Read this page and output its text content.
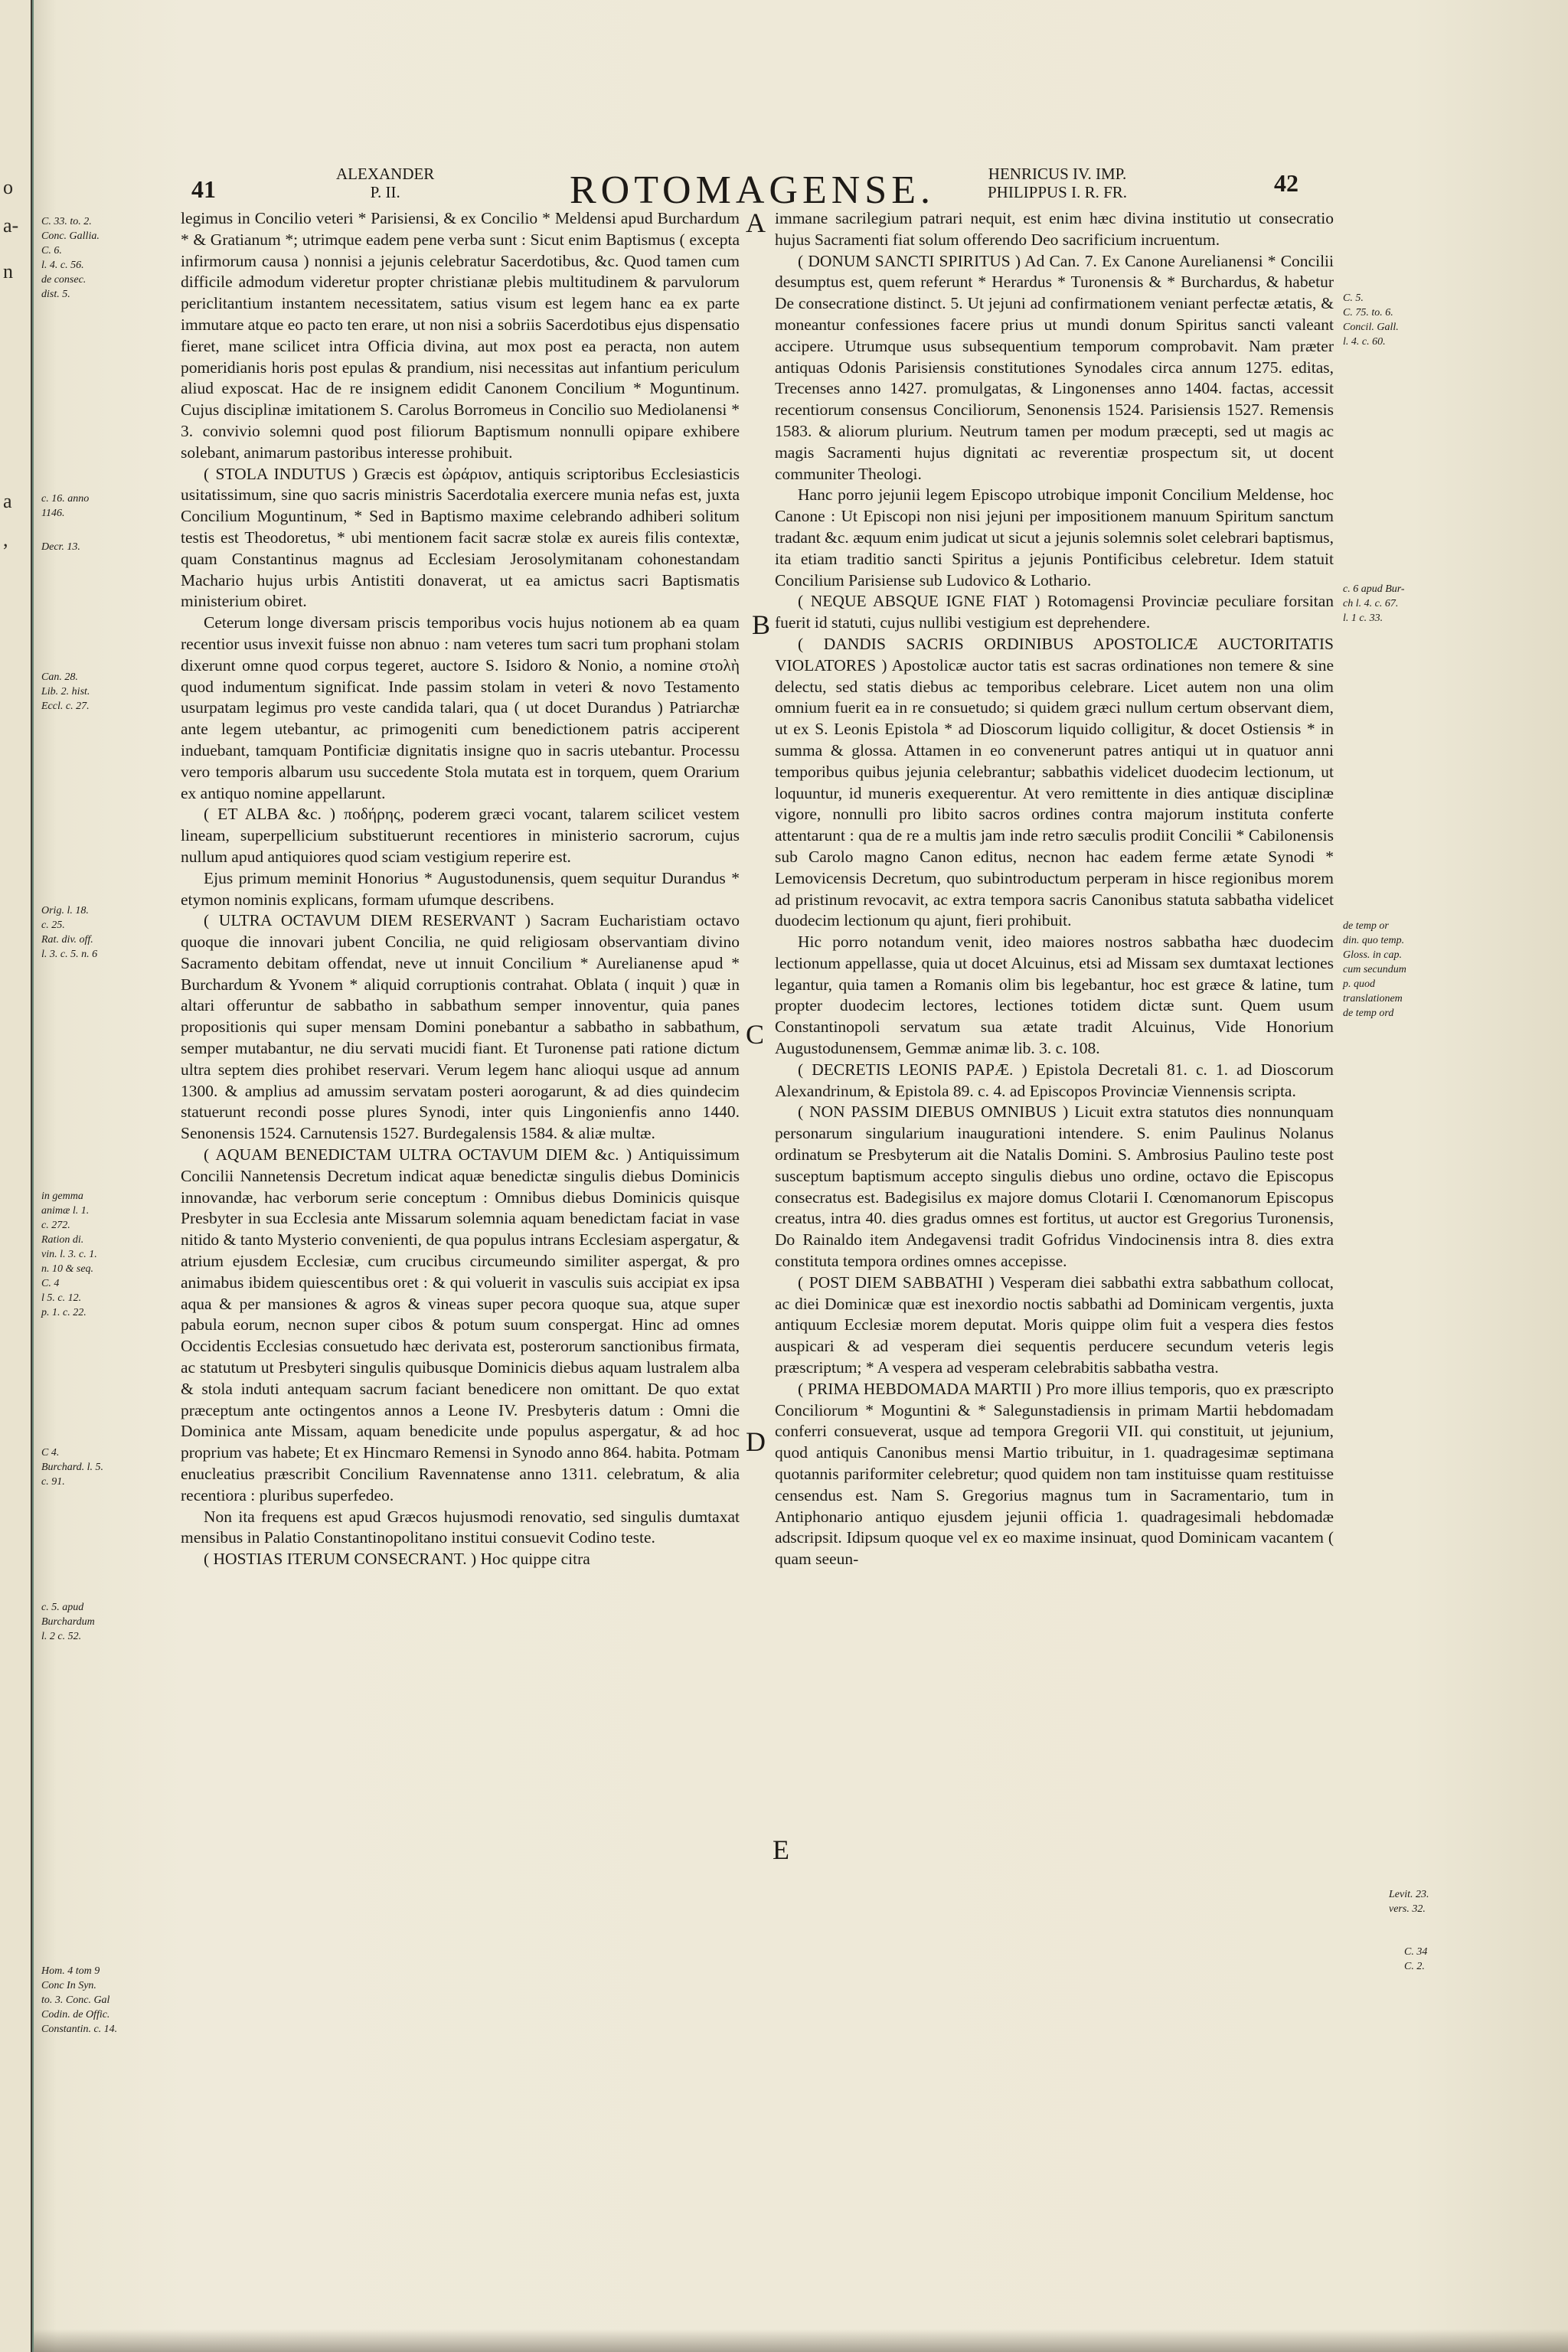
o
a-
n
a
,
41
ALEXANDER
P. II.	ROTOMAGENSE.	HENRICUS IV. IMP.
PHILIPPUS I. R. FR.	42
C. 33. to. 2.
Conc. Gallia.
C. 6.
l. 4. c. 56.
de consec.
dist. 5.
c. 16. anno
1146.
Decr. 13.
Can. 28.
Lib. 2. hist.
Eccl. c. 27.
Orig. l. 18.
c. 25.
Rat. div. off.
l. 3. c. 5. n. 6
in gemma
animæ l. 1.
c. 272.
Ration di.
vin. l. 3. c. 1.
n. 10 & seq.
C. 4
l 5. c. 12.
p. 1. c. 22.
C 4.
Burchard. l. 5.
c. 91.
c. 5. apud
Burchardum
l. 2 c. 52.
Hom. 4 tom 9
Conc In Syn.
to. 3. Conc. Gal
Codin. de Offic.
Constantin. c. 14.
A
B
C
D
E

legimus in Concilio veteri * Parisiensi, & ex Concilio * Meldensi apud Burchardum * & Gratianum *; utrimque eadem pene verba sunt : Sicut enim Baptismus ( excepta infirmorum causa ) nonnisi a jejunis celebratur Sacerdotibus, &c. Quod tamen cum difficile admodum videretur propter christianæ plebis multitudinem & parvulorum periclitantium instantem necessitatem, satius visum est legem hanc ea ex parte immutare atque eo pacto ten erare, ut non nisi a sobriis Sacerdotibus ejus dispensatio fieret, mane scilicet intra Officia divina, aut mox post ea peracta, non autem pomeridianis horis post epulas & prandium, nisi necessitas aut infantium periculum aliud exposcat. Hac de re insignem edidit Canonem Concilium * Moguntinum. Cujus disciplinæ imitationem S. Carolus Borromeus in Concilio suo Mediolanensi * 3. convivio solemni quod post filiorum Baptismum nonnulli opipare exhibere solebant, animarum pastoribus interesse prohibuit.

( STOLA INDUTUS ) Græcis est ὠράριον, antiquis scriptoribus Ecclesiasticis usitatissimum, sine quo sacris ministris Sacerdotalia exercere munia nefas est, juxta Concilium Moguntinum, * Sed in Baptismo maxime celebrando adhiberi solitum testis est Theodoretus, * ubi mentionem facit sacræ stolæ ex aureis filis contextæ, quam Constantinus magnus ad Ecclesiam Jerosolymitanam cohonestandam Machario hujus urbis Antistiti donaverat, ut ea amictus sacri Baptismatis ministerium obiret.

Ceterum longe diversam priscis temporibus vocis hujus notionem ab ea quam recentior usus invexit fuisse non abnuo : nam veteres tum sacri tum prophani stolam dixerunt omne quod corpus tegeret, auctore S. Isidoro & Nonio, a nomine στολὴ quod indumentum significat. Inde passim stolam in veteri & novo Testamento usurpatam legimus pro veste candida talari, qua ( ut docet Durandus ) Patriarchæ ante legem utebantur, ac primogeniti cum benedictionem patris acciperent induebant, tamquam Pontificiæ dignitatis insigne quo in sacris utebantur. Processu vero temporis albarum usu succedente Stola mutata est in torquem, quem Orarium ex antiquo nomine appellarunt.

( ET ALBA &c. ) ποδήρης, poderem græci vocant, talarem scilicet vestem lineam, superpellicium substituerunt recentiores in ministerio sacrorum, cujus nullum apud antiquiores quod sciam vestigium reperire est.

Ejus primum meminit Honorius * Augustodunensis, quem sequitur Durandus * etymon nominis explicans, formam ufumque describens.

( ULTRA OCTAVUM DIEM RESERVANT ) Sacram Eucharistiam octavo quoque die innovari jubent Concilia, ne quid religiosam observantiam divino Sacramento debitam offendat, neve ut innuit Concilium * Aurelianense apud * Burchardum & Yvonem * aliquid corruptionis contrahat. Oblata ( inquit ) quæ in altari offeruntur de sabbatho in sabbathum semper innoventur, quia panes propositionis qui super mensam Domini ponebantur a sabbatho in sabbathum, semper mutabantur, ne diu servati mucidi fiant. Et Turonense pati ratione dictum ultra septem dies prohibet reservari. Verum legem hanc alioqui usque ad annum 1300. & amplius ad amussim servatam posteri aorogarunt, & ad dies quindecim statuerunt recondi posse plures Synodi, inter quis Lingonienfis anno 1440. Senonensis 1524. Carnutensis 1527. Burdegalensis 1584. & aliæ multæ.

( AQUAM BENEDICTAM ULTRA OCTAVUM DIEM &c. ) Antiquissimum Concilii Nannetensis Decretum indicat aquæ benedictæ singulis diebus Dominicis innovandæ, hac verborum serie conceptum : Omnibus diebus Dominicis quisque Presbyter in sua Ecclesia ante Missarum solemnia aquam benedictam faciat in vase nitido & tanto Mysterio convenienti, de qua populus intrans Ecclesiam aspergatur, & atrium ejusdem Ecclesiæ, cum crucibus circumeundo similiter aspergat, & pro animabus ibidem quiescentibus oret : & qui voluerit in vasculis suis accipiat ex ipsa aqua & per mansiones & agros & vineas super pecora quoque sua, atque super pabula eorum, necnon super cibos & potum suum conspergat. Hinc ad omnes Occidentis Ecclesias consuetudo hæc derivata est, posterorum sanctionibus firmata, ac statutum ut Presbyteri singulis quibusque Dominicis diebus aquam lustralem alba & stola induti antequam sacrum faciant benedicere non omittant. De quo extat præceptum ante octingentos annos a Leone IV. Presbyteris datum : Omni die Dominica ante Missam, aquam benedicite unde populus aspergatur, & ad hoc proprium vas habete; Et ex Hincmaro Remensi in Synodo anno 864. habita. Potmam enucleatius præscribit Concilium Ravennatense anno 1311. celebratum, & alia recentiora : pluribus superfedeo.

Non ita frequens est apud Græcos hujusmodi renovatio, sed singulis dumtaxat mensibus in Palatio Constantinopolitano institui consuevit Codino teste.

( HOSTIAS ITERUM CONSECRANT. ) Hoc quippe citra

immane sacrilegium patrari nequit, est enim hæc divina institutio ut consecratio hujus Sacramenti fiat solum offerendo Deo sacrificium incruentum.

( DONUM SANCTI SPIRITUS ) Ad Can. 7. Ex Canone Aurelianensi * Concilii desumptus est, quem referunt * Herardus * Turonensis & * Burchardus, & habetur De consecratione distinct. 5. Ut jejuni ad confirmationem veniant perfectæ ætatis, & moneantur confessiones facere prius ut mundi donum Spiritus sancti valeant accipere. Utrumque usus subsequentium temporum comprobavit. Nam præter antiquas Odonis Parisiensis constitutiones Synodales circa annum 1275. editas, Trecenses anno 1427. promulgatas, & Lingonenses anno 1404. factas, accessit recentiorum consensus Conciliorum, Senonensis 1524. Parisiensis 1527. Remensis 1583. & aliorum plurium. Neutrum tamen per modum præcepti, sed ut magis ac magis Sacramenti hujus dignitati ac reverentiæ prospectum sit, ut docent communiter Theologi.

Hanc porro jejunii legem Episcopo utrobique imponit Concilium Meldense, hoc Canone : Ut Episcopi non nisi jejuni per impositionem manuum Spiritum sanctum tradant &c. æquum enim judicat ut sicut a jejunis solemnis solet celebrari baptismus, ita etiam traditio sancti Spiritus a jejunis Pontificibus celebretur. Idem statuit Concilium Parisiense sub Ludovico & Lothario.

( NEQUE ABSQUE IGNE FIAT ) Rotomagensi Provinciæ peculiare forsitan fuerit id statuti, cujus nullibi vestigium est deprehendere.

( DANDIS SACRIS ORDINIBUS APOSTOLICÆ AUCTORITATIS VIOLATORES ) Apostolicæ auctor tatis est sacras ordinationes non temere & sine delectu, sed statis diebus ac temporibus celebrare. Licet autem non una olim omnium fuerit ea in re consuetudo; si quidem græci nullum certum observant diem, ut ex S. Leonis Epistola * ad Dioscorum liquido colligitur, & docet Ostiensis * in summa & glossa. Attamen in eo convenerunt patres antiqui ut in quatuor anni temporibus quibus jejunia celebrantur; sabbathis videlicet duodecim lectionum, ut loquuntur, id muneris exequerentur. At vero remittente in dies antiquæ disciplinæ vigore, nonnulli pro libito sacros ordines contra majorum instituta conferte attentarunt : qua de re a multis jam inde retro sæculis prodiit Concilii * Cabilonensis sub Carolo magno Canon editus, necnon hac eadem ferme ætate Synodi * Lemovicensis Decretum, quo subintroductum perperam in hisce regionibus morem ad pristinum revocavit, ac extra tempora sacris Canonibus statuta sabbatha videlicet duodecim lectionum qu ajunt, fieri prohibuit.

Hic porro notandum venit, ideo maiores nostros sabbatha hæc duodecim lectionum appellasse, quia ut docet Alcuinus, etsi ad Missam sex dumtaxat lectiones legantur, quia tamen a Romanis olim bis legebantur, hoc est græce & latine, tum propter duodecim lectores, lectiones totidem dictæ sunt. Quem usum Constantinopoli servatum sua ætate tradit Alcuinus, Vide Honorium Augustodunensem, Gemmæ animæ lib. 3. c. 108.

( DECRETIS LEONIS PAPÆ. ) Epistola Decretali 81. c. 1. ad Dioscorum Alexandrinum, & Epistola 89. c. 4. ad Episcopos Provinciæ Viennensis scripta.

( NON PASSIM DIEBUS OMNIBUS ) Licuit extra statutos dies nonnunquam personarum singularium inaugurationi intendere. S. enim Paulinus Nolanus ordinatum se Presbyterum ait die Natalis Domini. S. Ambrosius Paulino teste post susceptum baptismum accepto singulis diebus uno ordine, octavo die Episcopus consecratus est. Badegisilus ex majore domus Clotarii I. Cœnomanorum Episcopus creatus, intra 40. dies gradus omnes est fortitus, ut auctor est Gregorius Turonensis, Do Rainaldo item Andegavensi tradit Gofridus Vindocinensis intra 8. dies extra constituta tempora ordines omnes accepisse.

( POST DIEM SABBATHI ) Vesperam diei sabbathi extra sabbathum collocat, ac diei Dominicæ quæ est inexordio noctis sabbathi ad Dominicam vergentis, juxta antiquum Ecclesiæ morem deputat. Moris quippe olim fuit a vespera dies festos auspicari & ad vesperam diei sequentis perducere secundum veteris legis præscriptum; * A vespera ad vesperam celebrabitis sabbatha vestra.

( PRIMA HEBDOMADA MARTII ) Pro more illius temporis, quo ex præscripto Conciliorum * Moguntini & * Salegunstadiensis in primam Martii hebdomadam conferri consueverat, usque ad tempora Gregorii VII. qui constituit, ut jejunium, quod antiquis Canonibus mensi Martio tribuitur, in 1. quadragesimæ septimana quotannis pariformiter celebretur; quod quidem non tam instituisse quam restituisse censendus est. Nam S. Gregorius magnus tum in Sacramentario, tum in Antiphonario antiquo ejusdem jejunii officia 1. quadragesimali hebdomadæ adscripsit. Idipsum quoque vel ex eo maxime insinuat, quod Dominicam vacantem ( quam seeun-

C. 5.
C. 75. to. 6.
Concil. Gall.
l. 4. c. 60.
c. 6 apud Bur-
ch l. 4. c. 67.
l. 1 c. 33.
de temp or
din. quo temp.
Gloss. in cap.
cum secundum
p. quod
translationem
de temp ord
Levit. 23.
vers. 32.
C. 34
C. 2.
